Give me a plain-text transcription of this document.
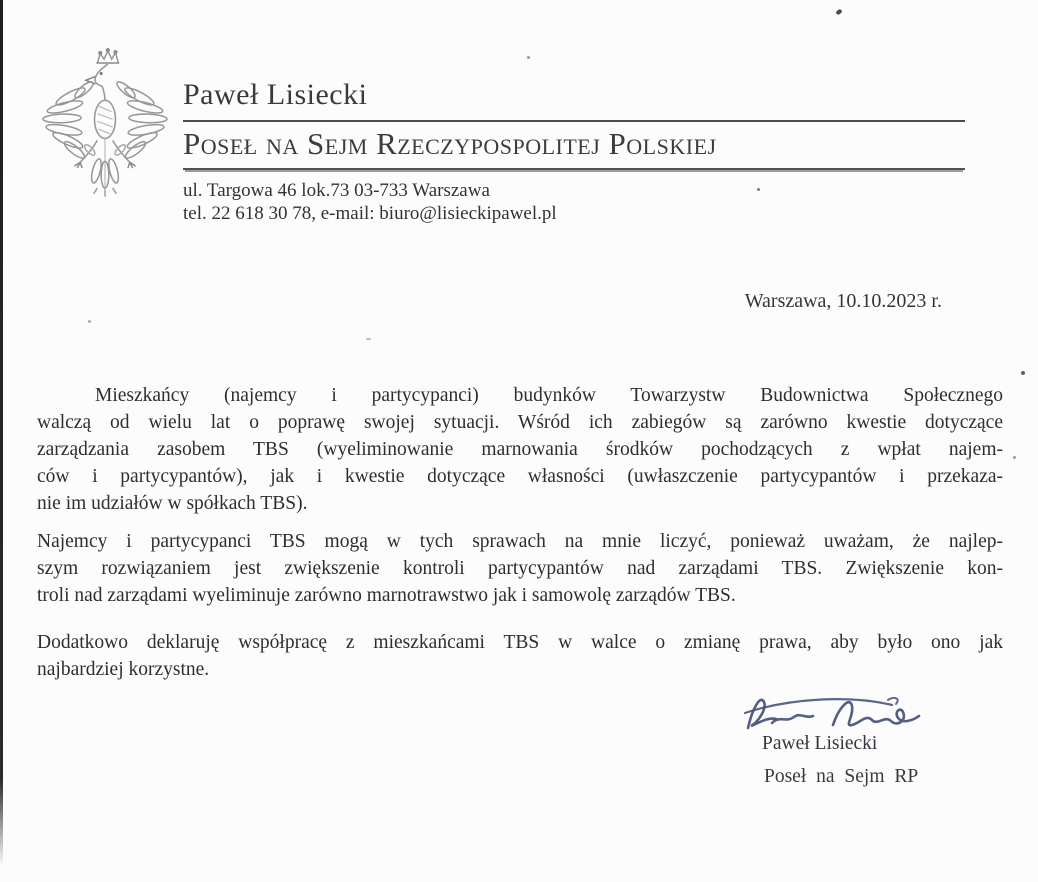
Paweł Lisiecki
Poseł na Sejm Rzeczypospolitej Polskiej
ul. Targowa 46 lok.73 03-733 Warszawa
tel. 22 618 30 78, e-mail: biuro@lisieckipawel.pl
Warszawa, 10.10.2023 r.
Mieszkańcy (najemcy i partycypanci) budynków Towarzystw Budownictwa Społecznego
walczą od wielu lat o poprawę swojej sytuacji. Wśród ich zabiegów są zarówno kwestie dotyczące
zarządzania zasobem TBS (wyeliminowanie marnowania środków pochodzących z wpłat najem-
ców i partycypantów), jak i kwestie dotyczące własności (uwłaszczenie partycypantów i przekaza-
nie im udziałów w spółkach TBS).
Najemcy i partycypanci TBS mogą w tych sprawach na mnie liczyć, ponieważ uważam, że najlep-
szym rozwiązaniem jest zwiększenie kontroli partycypantów nad zarządami TBS. Zwiększenie kon-
troli nad zarządami wyeliminuje zarówno marnotrawstwo jak i samowolę zarządów TBS.
Dodatkowo deklaruję współpracę z mieszkańcami TBS w walce o zmianę prawa, aby było ono jak
najbardziej korzystne.
Paweł Lisiecki
Poseł na Sejm RP
